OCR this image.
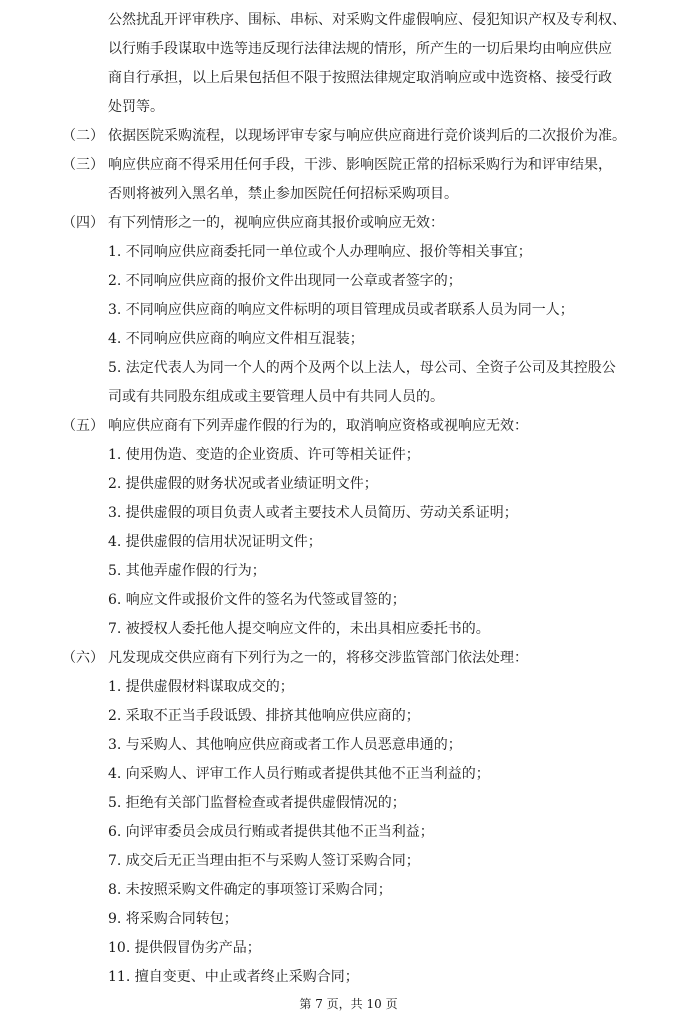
公然扰乱开评审秩序、围标、串标、对采购文件虚假响应、侵犯知识产权及专利权、
以行贿手段谋取中选等违反现行法律法规的情形，所产生的一切后果均由响应供应
商自行承担，以上后果包括但不限于按照法律规定取消响应或中选资格、接受行政
处罚等。
（二） 依据医院采购流程，以现场评审专家与响应供应商进行竞价谈判后的二次报价为准。
（三） 响应供应商不得采用任何手段，干涉、影响医院正常的招标采购行为和评审结果，
否则将被列入黑名单，禁止参加医院任何招标采购项目。
（四） 有下列情形之一的，视响应供应商其报价或响应无效：
1. 不同响应供应商委托同一单位或个人办理响应、报价等相关事宜；
2. 不同响应供应商的报价文件出现同一公章或者签字的；
3. 不同响应供应商的响应文件标明的项目管理成员或者联系人员为同一人；
4. 不同响应供应商的响应文件相互混装；
5. 法定代表人为同一个人的两个及两个以上法人，母公司、全资子公司及其控股公
司或有共同股东组成或主要管理人员中有共同人员的。
（五） 响应供应商有下列弄虚作假的行为的，取消响应资格或视响应无效：
1. 使用伪造、变造的企业资质、许可等相关证件；
2. 提供虚假的财务状况或者业绩证明文件；
3. 提供虚假的项目负责人或者主要技术人员简历、劳动关系证明；
4. 提供虚假的信用状况证明文件；
5. 其他弄虚作假的行为；
6. 响应文件或报价文件的签名为代签或冒签的；
7. 被授权人委托他人提交响应文件的，未出具相应委托书的。
（六） 凡发现成交供应商有下列行为之一的，将移交涉监管部门依法处理：
1. 提供虚假材料谋取成交的；
2. 采取不正当手段诋毁、排挤其他响应供应商的；
3. 与采购人、其他响应供应商或者工作人员恶意串通的；
4. 向采购人、评审工作人员行贿或者提供其他不正当利益的；
5. 拒绝有关部门监督检查或者提供虚假情况的；
6. 向评审委员会成员行贿或者提供其他不正当利益；
7. 成交后无正当理由拒不与采购人签订采购合同；
8. 未按照采购文件确定的事项签订采购合同；
9. 将采购合同转包；
10. 提供假冒伪劣产品；
11. 擅自变更、中止或者终止采购合同；
第 7 页，共 10 页
